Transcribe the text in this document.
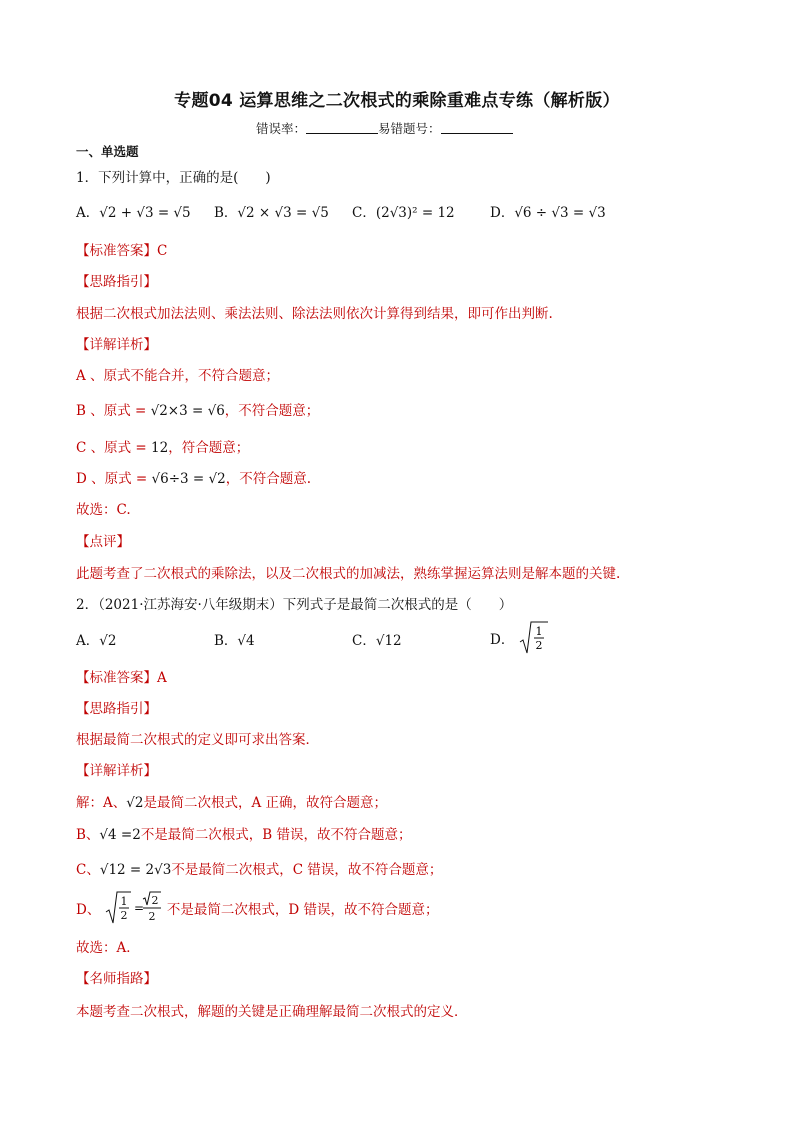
专题04 运算思维之二次根式的乘除重难点专练（解析版）
错误率：	易错题号：
一、单选题
1．下列计算中，正确的是(　　)
A．√2 + √3 = √5 B．√2 × √3 = √5 C．(2√3)² = 12	D．√6 ÷ √3 = √3
【标准答案】C
【思路指引】
根据二次根式加法法则、乘法法则、除法法则依次计算得到结果，即可作出判断.
【详解详析】
A 、原式不能合并，不符合题意；
B 、原式 = √2×3 = √6，不符合题意；
C 、原式 = 12，符合题意；
D 、原式 = √6÷3 = √2，不符合题意.
故选：C.
【点评】
此题考查了二次根式的乘除法，以及二次根式的加减法，熟练掌握运算法则是解本题的关键.
2．（2021·江苏海安·八年级期末）下列式子是最简二次根式的是（　　）
A．√2	B．√4	C．√12	D．
1
2
【标准答案】A
【思路指引】
根据最简二次根式的定义即可求出答案．
【详解详析】
解：A、√2是最简二次根式，A 正确，故符合题意；
B、√4 =2不是最简二次根式，B 错误，故不符合题意；
C、√12 = 2√3不是最简二次根式，C 错误，故不符合题意；
D、
1
2
=
2
2 不是最简二次根式，D 错误，故不符合题意；
故选：A．
【名师指路】
本题考查二次根式，解题的关键是正确理解最简二次根式的定义．
